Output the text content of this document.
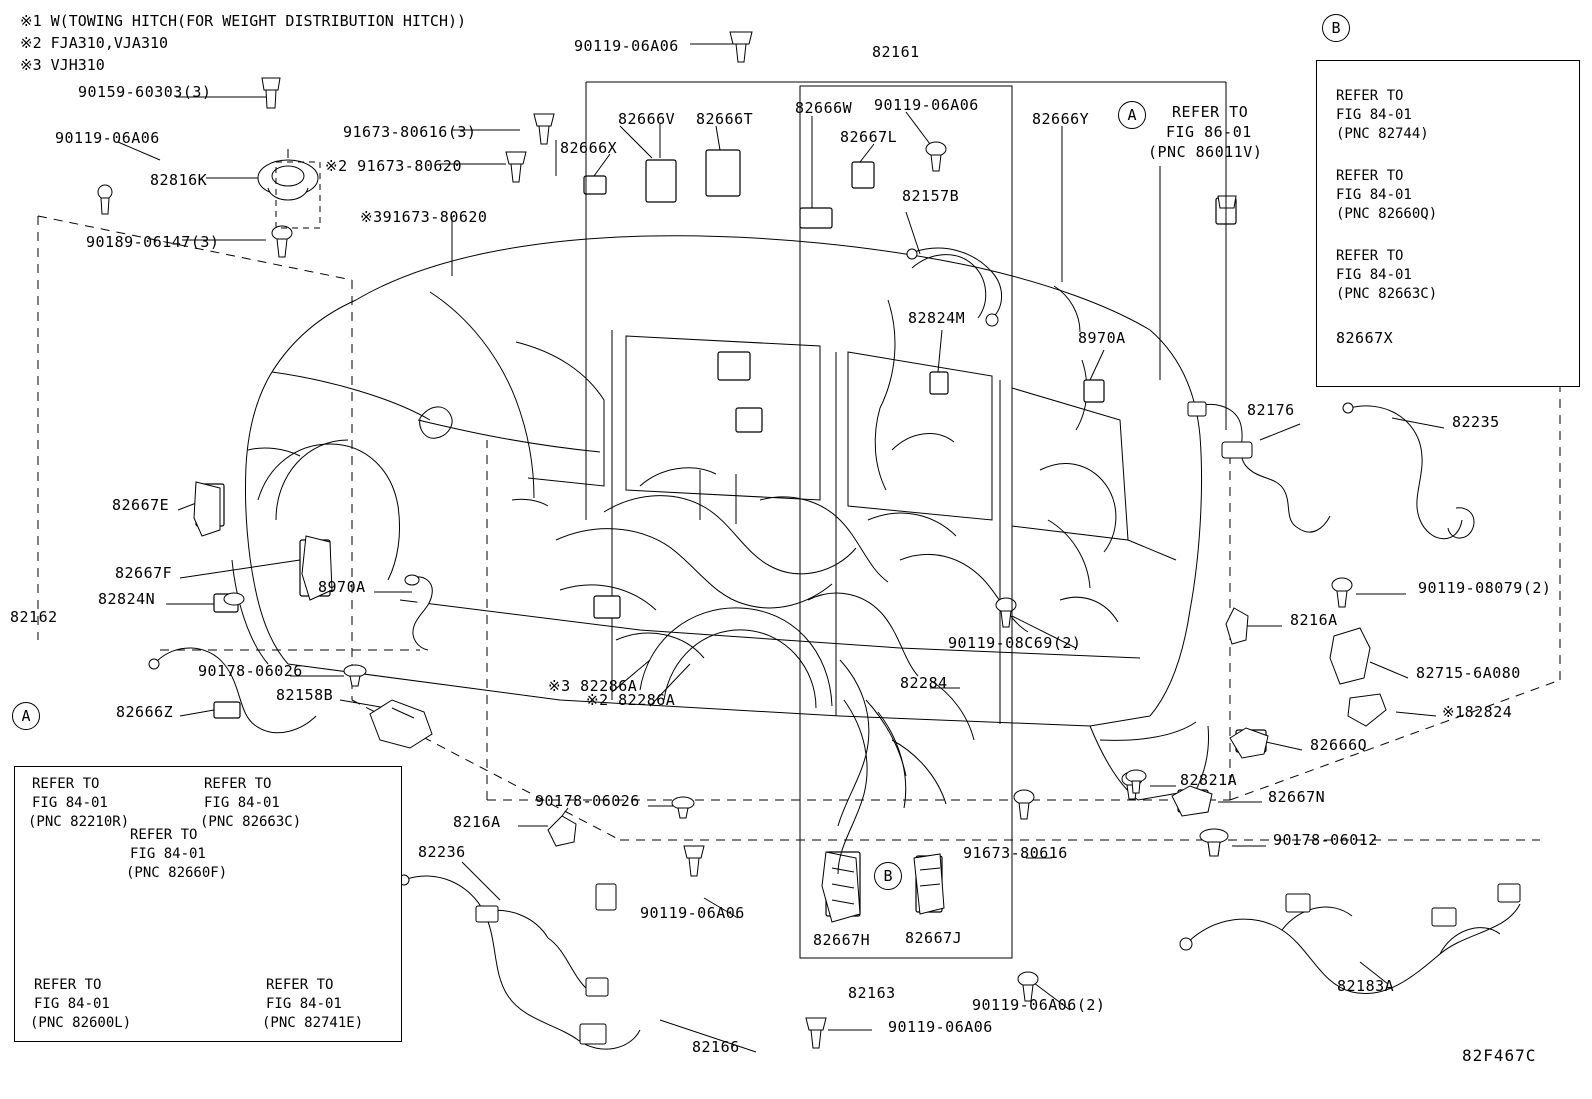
※1 W(TOWING HITCH(FOR WEIGHT DISTRIBUTION HITCH))
※2 FJA310,VJA310
※3 VJH310
90159-60303(3)
90119-06A06
82816K
90189-06147(3)
91673-80616(3)
※2 91673-80620
※391673-80620
82666X
90119-06A06
82666V 82666T
82666W
82667L
90119-06A06
82161
82666Y	REFER TO
FIG 86-01
(PNC 86011V)
82157B
82824M
8970A
82176
82235
82667E
82667F
82824N
82162
8970A
90178-06026
82158B
82666Z
※3 82286A
※2 82286A
90178-06026
8216A
82236
90119-06A06
82166
90119-06A06
90119-08C69(2)
82284
91673-80616
82667H 82667J
82163
90119-06A06(2)
90119-08079(2)
8216A
82715-6A080
※182824
82666Q
82821A
82667N
90178-06012
82183A
A
A
B
B
REFER TO
FIG 84-01
(PNC 82744)
REFER TO
FIG 84-01
(PNC 82660Q)
REFER TO
FIG 84-01
(PNC 82663C)
82667X
REFER TO
FIG 84-01
(PNC 82210R)
REFER TO
FIG 84-01
(PNC 82663C)
REFER TO
FIG 84-01
(PNC 82660F)
REFER TO
FIG 84-01
(PNC 82600L)
REFER TO
FIG 84-01
(PNC 82741E)
82F467C
